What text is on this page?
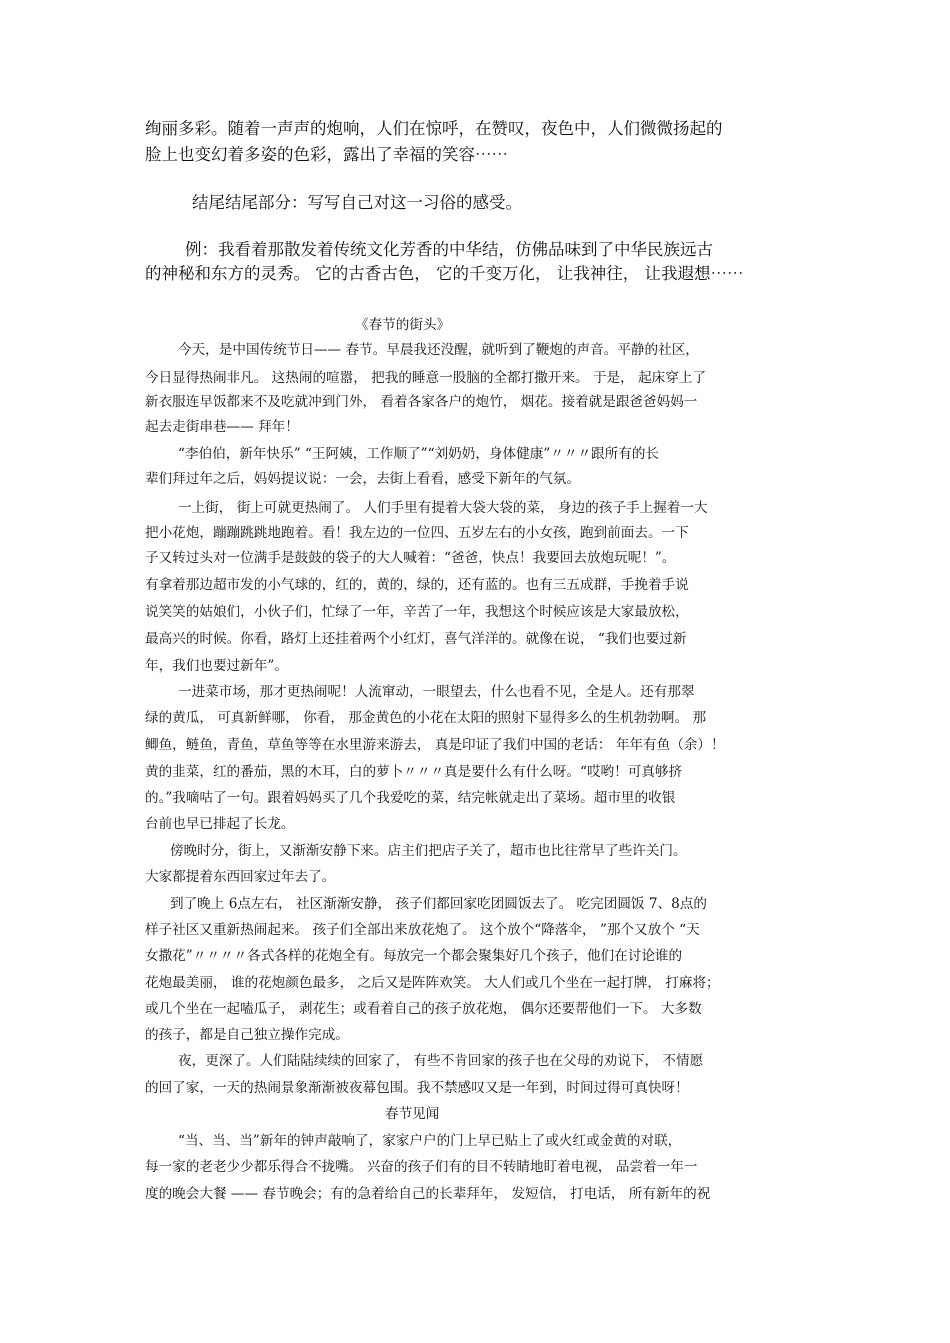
绚丽多彩。随着一声声的炮响，人们在惊呼，在赞叹，夜色中，人们微微扬起的
脸上也变幻着多姿的色彩，露出了幸福的笑容⋯⋯
结尾结尾部分：写写自己对这一习俗的感受。
例：我看着那散发着传统文化芳香的中华结，仿佛品味到了中华民族远古
的神秘和东方的灵秀。 它的古香古色， 它的千变万化， 让我神往， 让我遐想⋯⋯
《春节的街头》
今天，是中国传统节日—— 春节。早晨我还没醒，就听到了鞭炮的声音。平静的社区，
今日显得热闹非凡。 这热闹的喧嚣， 把我的睡意一股脑的全都打撒开来。 于是， 起床穿上了
新衣服连早饭都来不及吃就冲到门外， 看着各家各户的炮竹， 烟花。接着就是跟爸爸妈妈一
起去走街串巷—— 拜年！
“李伯伯，新年快乐” “王阿姨，工作顺了”“刘奶奶，身体健康”〃〃〃跟所有的长
辈们拜过年之后，妈妈提议说：一会，去街上看看，感受下新年的气氛。
一上街， 街上可就更热闹了。 人们手里有提着大袋大袋的菜， 身边的孩子手上握着一大
把小花炮，蹦蹦跳跳地跑着。看！我左边的一位四、五岁左右的小女孩，跑到前面去。一下
子又转过头对一位满手是鼓鼓的袋子的大人喊着：“爸爸，快点！我要回去放炮玩呢！”。
有拿着那边超市发的小气球的，红的，黄的，绿的，还有蓝的。也有三五成群，手挽着手说
说笑笑的姑娘们，小伙子们，忙绿了一年，辛苦了一年，我想这个时候应该是大家最放松，
最高兴的时候。你看，路灯上还挂着两个小红灯，喜气洋洋的。就像在说， “我们也要过新
年，我们也要过新年”。
一进菜市场，那才更热闹呢！人流窜动，一眼望去，什么也看不见，全是人。还有那翠
绿的黄瓜， 可真新鲜哪， 你看， 那金黄色的小花在太阳的照射下显得多么的生机勃勃啊。 那
鲫鱼，鲢鱼，青鱼，草鱼等等在水里游来游去， 真是印证了我们中国的老话： 年年有鱼（余）！
黄的韭菜，红的番茄，黑的木耳，白的萝卜〃〃〃真是要什么有什么呀。“哎哟！可真够挤
的。”我嘀咕了一句。跟着妈妈买了几个我爱吃的菜，结完帐就走出了菜场。超市里的收银
台前也早已排起了长龙。
傍晚时分，街上，又渐渐安静下来。店主们把店子关了，超市也比往常早了些许关门。
大家都提着东西回家过年去了。
到了晚上 6点左右， 社区渐渐安静， 孩子们都回家吃团圆饭去了。 吃完团圆饭 7、8点的
样子社区又重新热闹起来。 孩子们全部出来放花炮了。 这个放个“降落伞， ”那个又放个 “天
女撒花”〃〃〃〃各式各样的花炮全有。每放完一个都会聚集好几个孩子，他们在讨论谁的
花炮最美丽， 谁的花炮颜色最多， 之后又是阵阵欢笑。 大人们或几个坐在一起打牌， 打麻将；
或几个坐在一起嗑瓜子， 剥花生；或看着自己的孩子放花炮， 偶尔还要帮他们一下。 大多数
的孩子，都是自己独立操作完成。
夜，更深了。人们陆陆续续的回家了， 有些不肯回家的孩子也在父母的劝说下， 不情愿
的回了家，一天的热闹景象渐渐被夜幕包围。我不禁感叹又是一年到，时间过得可真快呀！
春节见闻
“当、当、当”新年的钟声敲响了，家家户户的门上早已贴上了或火红或金黄的对联，
每一家的老老少少都乐得合不拢嘴。 兴奋的孩子们有的目不转睛地盯着电视， 品尝着一年一
度的晚会大餐 —— 春节晚会；有的急着给自己的长辈拜年， 发短信， 打电话， 所有新年的祝
